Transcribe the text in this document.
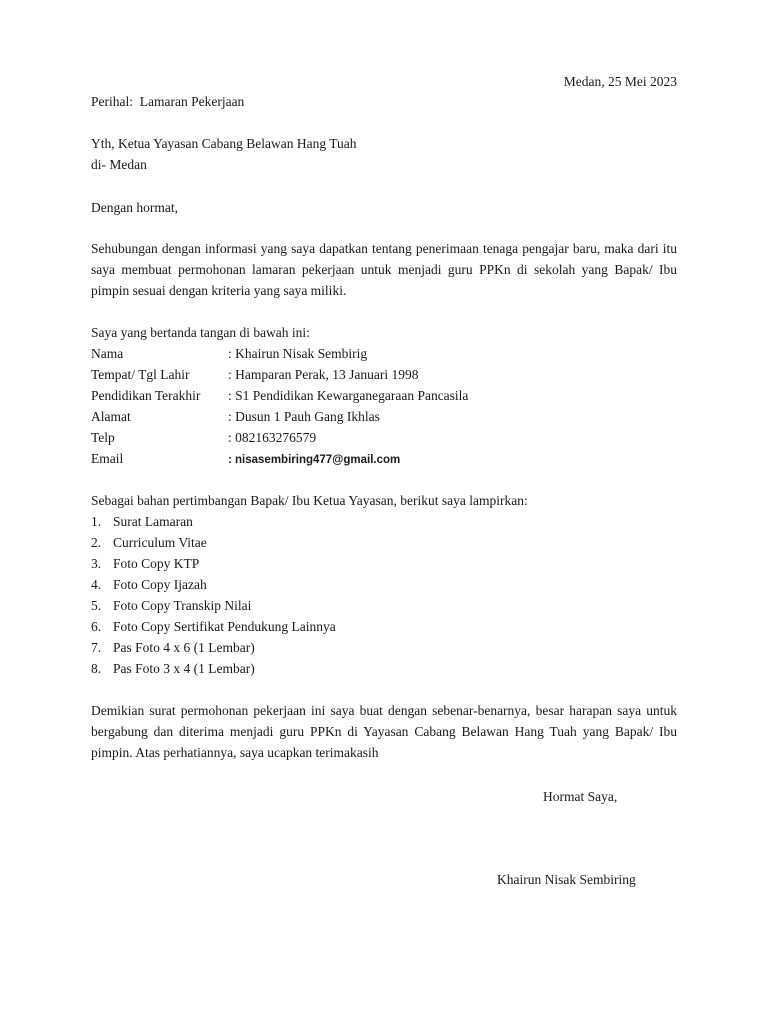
Medan, 25 Mei 2023
Perihal:  Lamaran Pekerjaan
Yth, Ketua Yayasan Cabang Belawan Hang Tuah
di- Medan
Dengan hormat,
Sehubungan dengan informasi yang saya dapatkan tentang penerimaan tenaga pengajar baru, maka dari itu saya membuat permohonan lamaran pekerjaan untuk menjadi guru PPKn di sekolah yang Bapak/ Ibu pimpin sesuai dengan kriteria yang saya miliki.
Saya yang bertanda tangan di bawah ini:
Nama	: Khairun Nisak Sembirig
Tempat/ Tgl Lahir	: Hamparan Perak, 13 Januari 1998
Pendidikan Terakhir : S1 Pendidikan Kewarganegaraan Pancasila
Alamat	: Dusun 1 Pauh Gang Ikhlas
Telp	: 082163276579
Email	: nisasembiring477@gmail.com
Sebagai bahan pertimbangan Bapak/ Ibu Ketua Yayasan, berikut saya lampirkan:
1. Surat Lamaran
2. Curriculum Vitae
3. Foto Copy KTP
4. Foto Copy Ijazah
5. Foto Copy Transkip Nilai
6. Foto Copy Sertifikat Pendukung Lainnya
7. Pas Foto 4 x 6 (1 Lembar)
8. Pas Foto 3 x 4 (1 Lembar)
Demikian surat permohonan pekerjaan ini saya buat dengan sebenar-benarnya, besar harapan saya untuk bergabung dan diterima menjadi guru PPKn di Yayasan Cabang Belawan Hang Tuah yang Bapak/ Ibu pimpin. Atas perhatiannya, saya ucapkan terimakasih
Hormat Saya,
Khairun Nisak Sembiring
